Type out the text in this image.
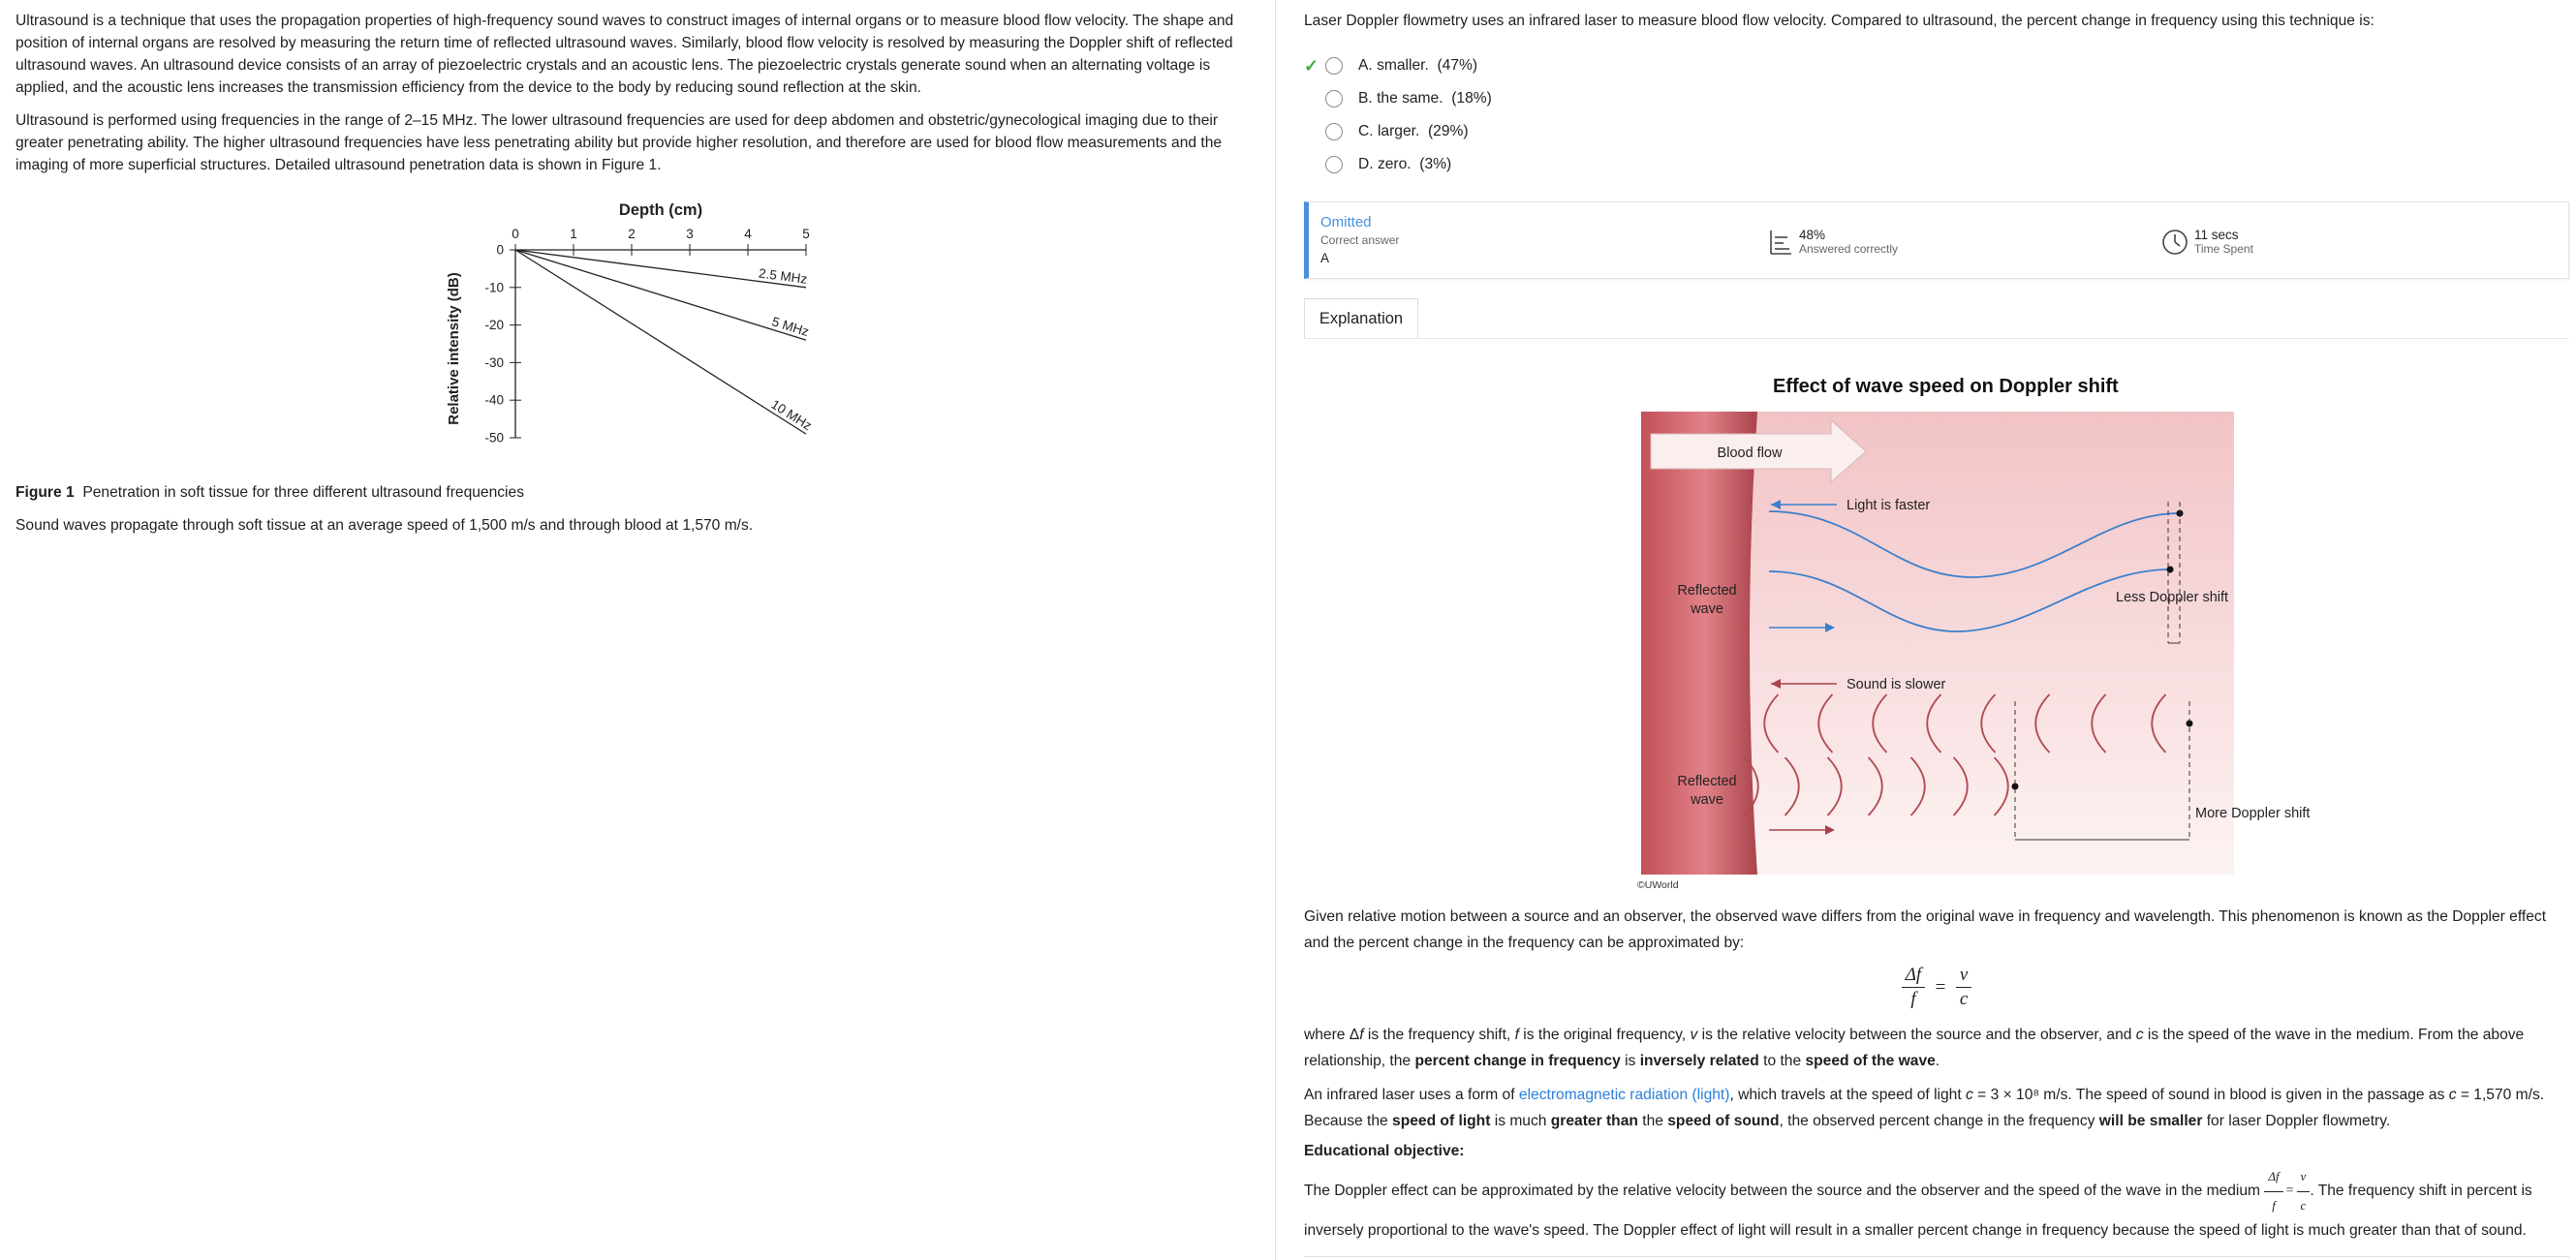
Ultrasound is a technique that uses the propagation properties of high-frequency sound waves to construct images of internal organs or to measure blood flow velocity. The shape and position of internal organs are resolved by measuring the return time of reflected ultrasound waves. Similarly, blood flow velocity is resolved by measuring the Doppler shift of reflected ultrasound waves. An ultrasound device consists of an array of piezoelectric crystals and an acoustic lens. The piezoelectric crystals generate sound when an alternating voltage is applied, and the acoustic lens increases the transmission efficiency from the device to the body by reducing sound reflection at the skin.

Ultrasound is performed using frequencies in the range of 2–15 MHz. The lower ultrasound frequencies are used for deep abdomen and obstetric/gynecological imaging due to their greater penetrating ability. The higher ultrasound frequencies have less penetrating ability but provide higher resolution, and therefore are used for blood flow measurements and the imaging of more superficial structures. Detailed ultrasound penetration data is shown in Figure 1.

Depth (cm)
Relative intensity (dB)
0	1	2	3	4	5
0
-10
-20
-30
-40
-50
2.5 MHz
5 MHz
10 MHz
Figure 1 Penetration in soft tissue for three different ultrasound frequencies
Sound waves propagate through soft tissue at an average speed of 1,500 m/s and through blood at 1,570 m/s.
Laser Doppler flowmetry uses an infrared laser to measure blood flow velocity. Compared to ultrasound, the percent change in frequency using this technique is:
✓	A.
smaller.
(47%)
B.
the same.
(18%)
C.
larger.
(29%)
D.
zero.
(3%)
Omitted
Correct answer
A
48%
Answered correctly
11 secs
Time Spent
Explanation
Effect of wave speed on Doppler shift
Blood flow
Light is faster
Less Doppler shift
Reflected
wave
Sound is slower
More Doppler shift
Reflected
wave
©UWorld

Given relative motion between a source and an observer, the observed wave differs from the original wave in frequency and wavelength. This phenomenon is known as the Doppler effect and the percent change in the frequency can be approximated by:

$\frac{\Delta f}{f} = \frac{v}{c}$

where Δf is the frequency shift, f is the original frequency, v is the relative velocity between the source and the observer, and c is the speed of the wave in the medium. From the above relationship, the percent change in frequency is inversely related to the speed of the wave.

An infrared laser uses a form of electromagnetic radiation (light), which travels at the speed of light c = 3 × 10⁸ m/s. The speed of sound in blood is given in the passage as c = 1,570 m/s. Because the speed of light is much greater than the speed of sound, the observed percent change in the frequency will be smaller for laser Doppler flowmetry.

Educational objective:

The Doppler effect can be approximated by the relative velocity between the source and the observer and the speed of the wave in the medium $\frac{\Delta f}{f} = \frac{v}{c}$ . The frequency shift in percent is inversely proportional to the wave's speed. The Doppler effect of light will result in a smaller percent change in frequency because the speed of light is much greater than that of sound.
